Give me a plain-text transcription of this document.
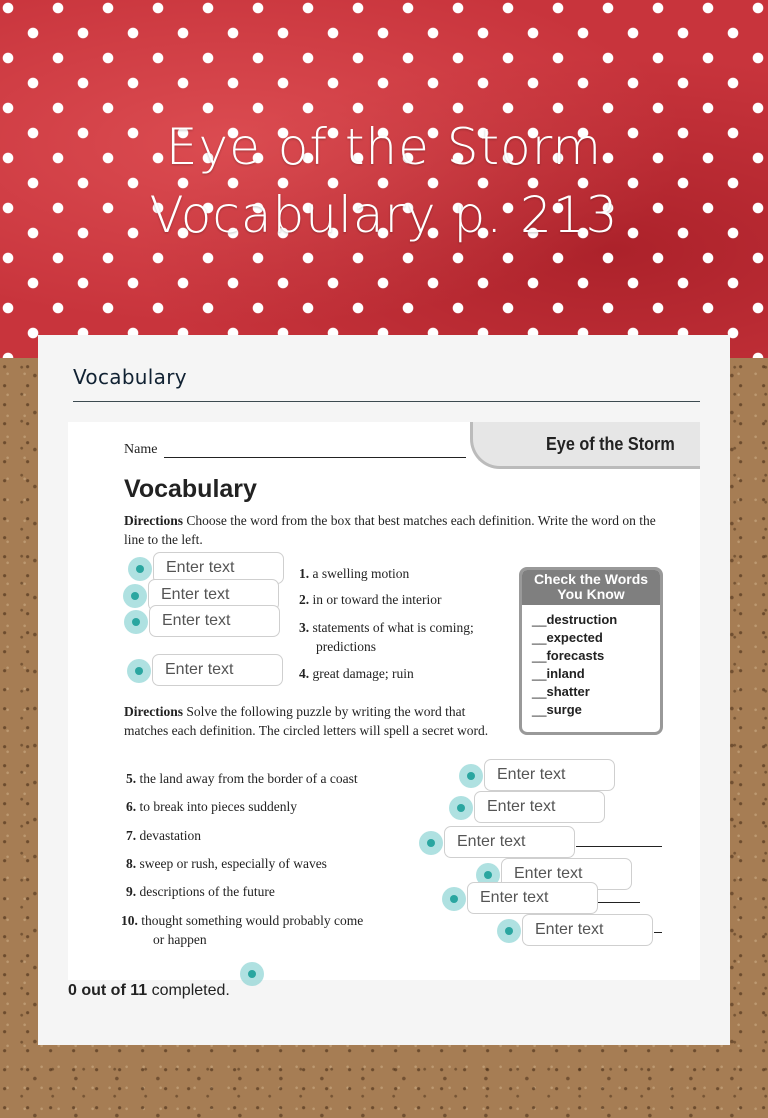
Eye of the Storm
Vocabulary p. 213
Vocabulary
Eye of the Storm
Name
Vocabulary
Directions Choose the word from the box that best matches each definition. Write the word on the line to the left.
1. a swelling motion
2. in or toward the interior
3. statements of what is coming;
predictions
4. great damage; ruin
Check the Words
You Know
__ destruction
__ expected
__ forecasts
__ inland
__ shatter
__ surge
Directions Solve the following puzzle by writing the word that matches each definition. The circled letters will spell a secret word.
5. the land away from the border of a coast
6. to break into pieces suddenly
7. devastation
8. sweep or rush, especially of waves
9. descriptions of the future
10. thought something would probably come
or happen
Enter text
Enter text
Enter text
Enter text
Enter text
Enter text
Enter text
Enter text
Enter text
Enter text
0 out of 11 completed.
